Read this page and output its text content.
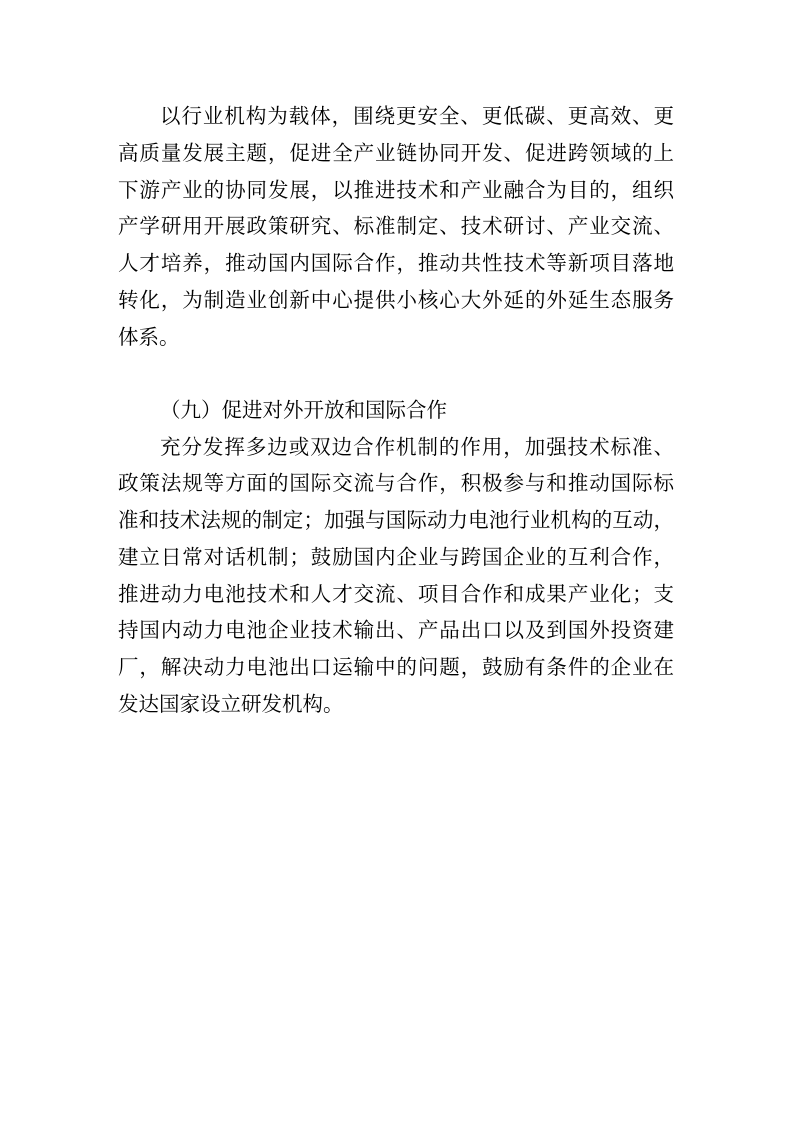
以行业机构为载体，围绕更安全、更低碳、更高效、更
高质量发展主题，促进全产业链协同开发、促进跨领域的上
下游产业的协同发展，以推进技术和产业融合为目的，组织
产学研用开展政策研究、标准制定、技术研讨、产业交流、
人才培养，推动国内国际合作，推动共性技术等新项目落地
转化，为制造业创新中心提供小核心大外延的外延生态服务
体系。
（九）促进对外开放和国际合作
充分发挥多边或双边合作机制的作用，加强技术标准、
政策法规等方面的国际交流与合作，积极参与和推动国际标
准和技术法规的制定；加强与国际动力电池行业机构的互动，
建立日常对话机制；鼓励国内企业与跨国企业的互利合作，
推进动力电池技术和人才交流、项目合作和成果产业化；支
持国内动力电池企业技术输出、产品出口以及到国外投资建
厂，解决动力电池出口运输中的问题，鼓励有条件的企业在
发达国家设立研发机构。
